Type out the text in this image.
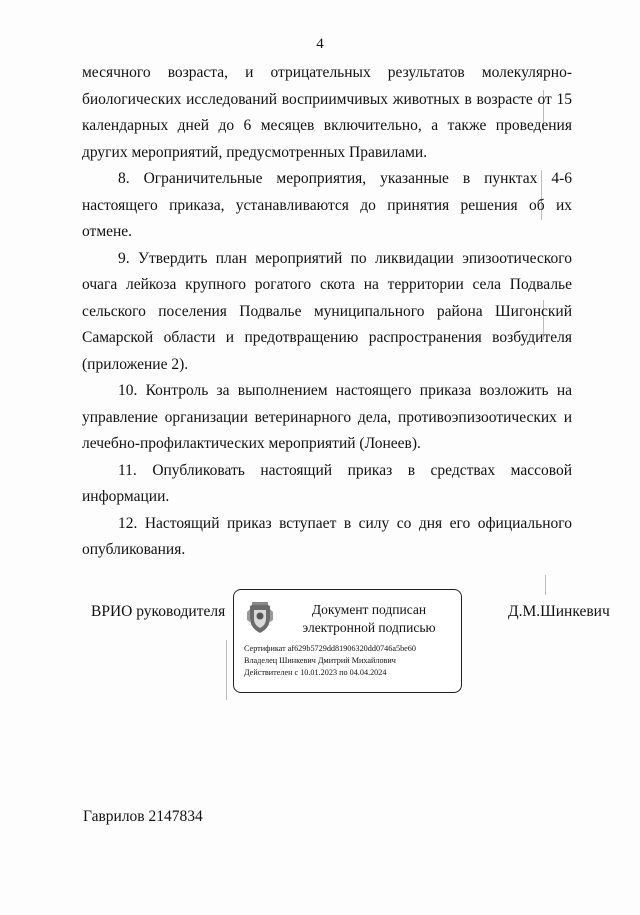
4

месячного возраста, и отрицательных результатов молекулярно-биологических исследований восприимчивых животных в возрасте от 15 календарных дней до 6 месяцев включительно, а также проведения других мероприятий, предусмотренных Правилами.

8. Ограничительные мероприятия, указанные в пунктах 4-6 настоящего приказа, устанавливаются до принятия решения об их отмене.

9. Утвердить план мероприятий по ликвидации эпизоотического очага лейкоза крупного рогатого скота на территории села Подвалье сельского поселения Подвалье муниципального района Шигонский Самарской области и предотвращению распространения возбудителя (приложение 2).

10. Контроль за выполнением настоящего приказа возложить на управление организации ветеринарного дела, противоэпизоотических и лечебно-профилактических мероприятий (Лонеев).

11. Опубликовать настоящий приказ в средствах массовой информации.

12. Настоящий приказ вступает в силу со дня его официального опубликования.

ВРИО руководителя	Документ подписан
электронной подписью
Сертификат af629b5729dd81906320dd0746a5be60
Владелец Шинкевич Дмитрий Михайлович
Действителен с 10.01.2023 по 04.04.2024
Д.М.Шинкевич
Гаврилов 2147834
